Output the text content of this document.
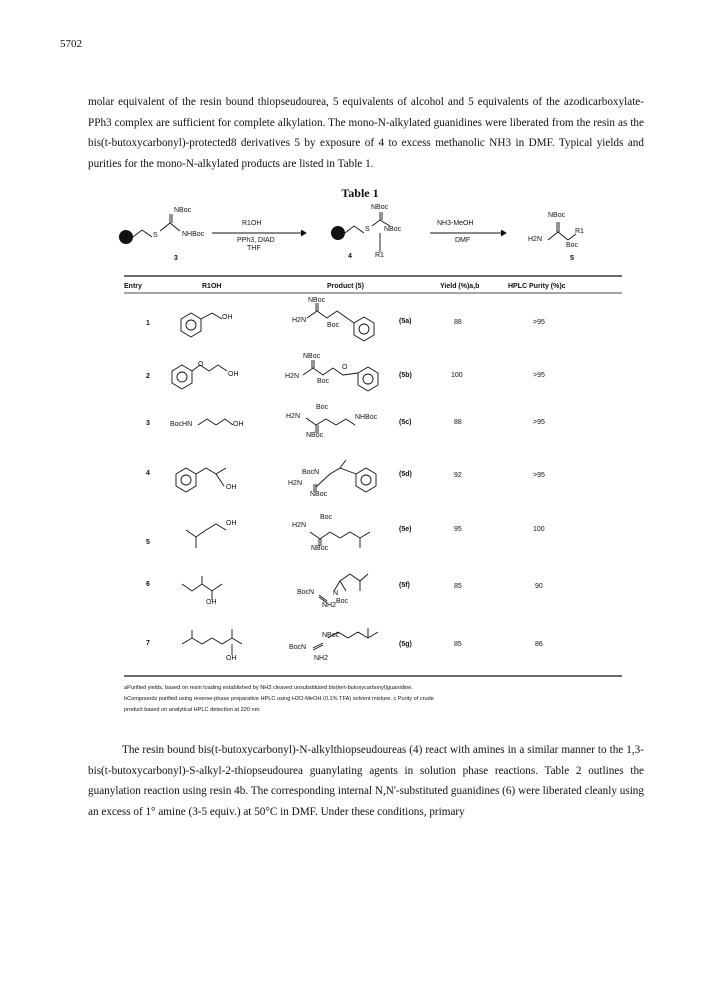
5702
molar equivalent of the resin bound thiopseudourea, 5 equivalents of alcohol and 5 equivalents of the azodicarboxylate-PPh3 complex are sufficient for complete alkylation. The mono-N-alkylated guanidines were liberated from the resin as the bis(t-butoxycarbonyl)-protected8 derivatives 5 by exposure of 4 to excess methanolic NH3 in DMF. Typical yields and purities for the mono-N-alkylated products are listed in Table 1.
Table 1
NBoc
S	NHBoc
3
R1OH
PPh3, DIAD
THF
NBoc
S NBoc
R1
4
NH3-MeOH
DMF
NBoc
H2N
R1
Boc
5
Entry	R1OH	Product (5)	Yield (%)a,b	HPLC Purity (%)c
1
OH
NBoc
H2N
Boc
(5a)	88	>95
2
O
OH
NBoc
H2N
Boc
O
(5b)	100	>95
3	BocHN	OH
Boc
H2N	NHBoc
NBoc
(5c)	88	>95
4
OH
BocN
H2N
NBoc
(5d)	92	>95
5
OH
Boc
H2N
NBoc
(5e)	95	100
6
OH
BocN	N
Boc
NH2
(5f)	85	90
7
OH
NBoc
BocN
NH2
(5g)	85	86
aPurified yields, based on resin loading established by NH3 cleaved unsubstituted bis(tert-butoxycarbonyl)guanidine.
bCompounds purified using reverse-phase preparative HPLC using H2O-MeOH (0.1% TFA) solvent mixture. c Purity of crude
product based on analytical HPLC detection at 220 nm.
The resin bound bis(t-butoxycarbonyl)-N-alkylthiopseudoureas (4) react with amines in a similar manner to the 1,3-bis(t-butoxycarbonyl)-S-alkyl-2-thiopseudourea guanylating agents in solution phase reactions. Table 2 outlines the guanylation reaction using resin 4b. The corresponding internal N,N'-substituted guanidines (6) were liberated cleanly using an excess of 1° amine (3-5 equiv.) at 50°C in DMF. Under these conditions, primary
